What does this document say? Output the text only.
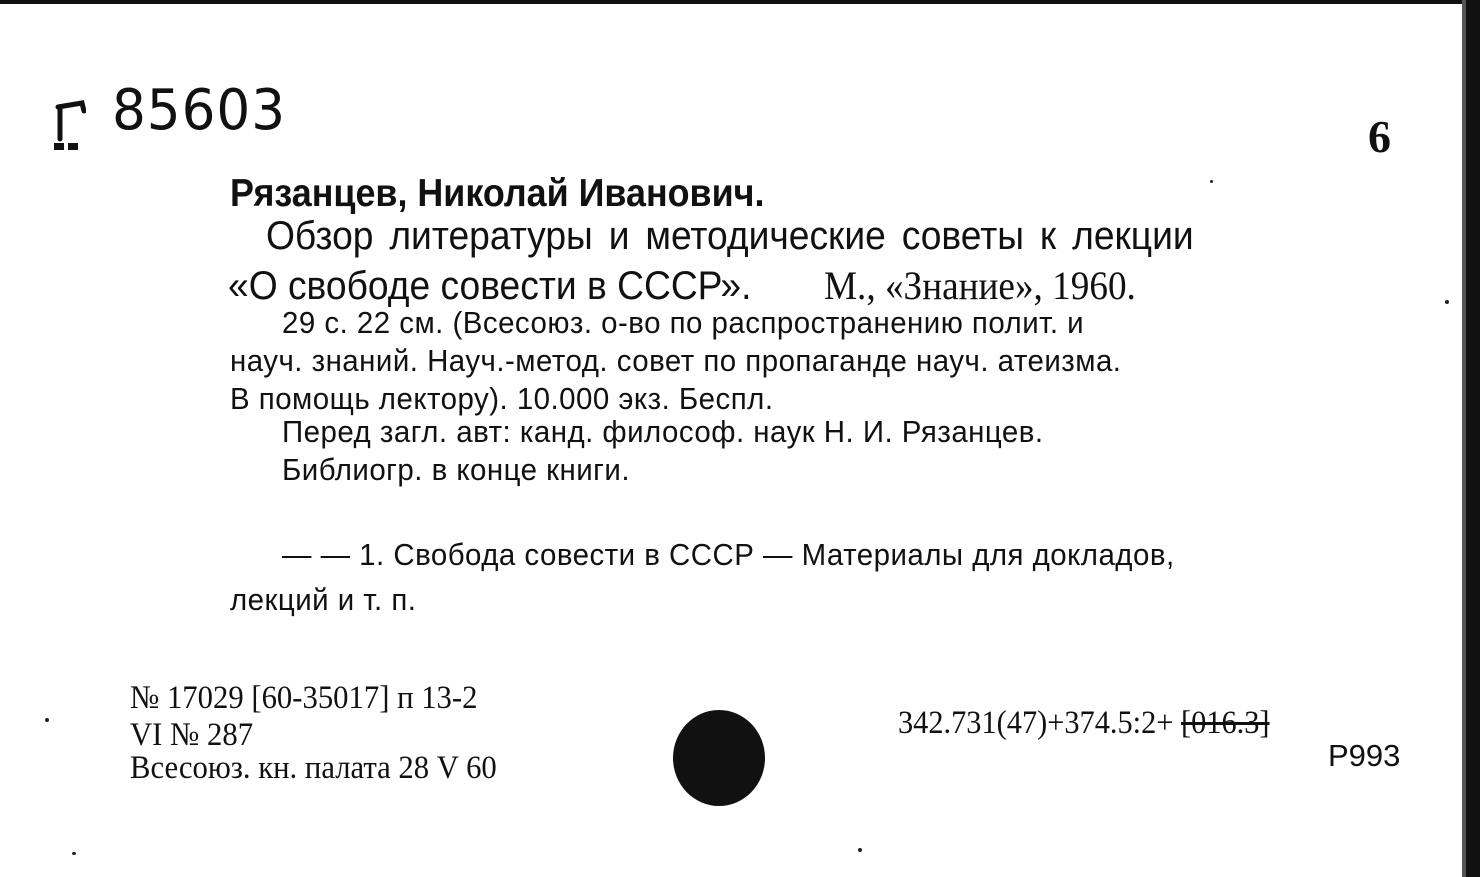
85603	6
Рязанцев, Николай Иванович.
Обзор литературы и методические советы к лекции
«О свободе совести в СССР». М., «Знание», 1960.
29 с. 22 см. (Всесоюз. о-во по распространению полит. и
науч. знаний. Науч.-метод. совет по пропаганде науч. атеизма.
В помощь лектору). 10.000 экз. Беспл.
Перед загл. авт: канд. философ. наук Н. И. Рязанцев.
Библиогр. в конце книги.
— — 1. Свобода совести в СССР — Материалы для докладов,
лекций и т. п.
№ 17029 [60-35017] п 13-2
VI № 287
Всесоюз. кн. палата 28 V 60
342.731(47)+374.5:2+ [016.3]
Р993
